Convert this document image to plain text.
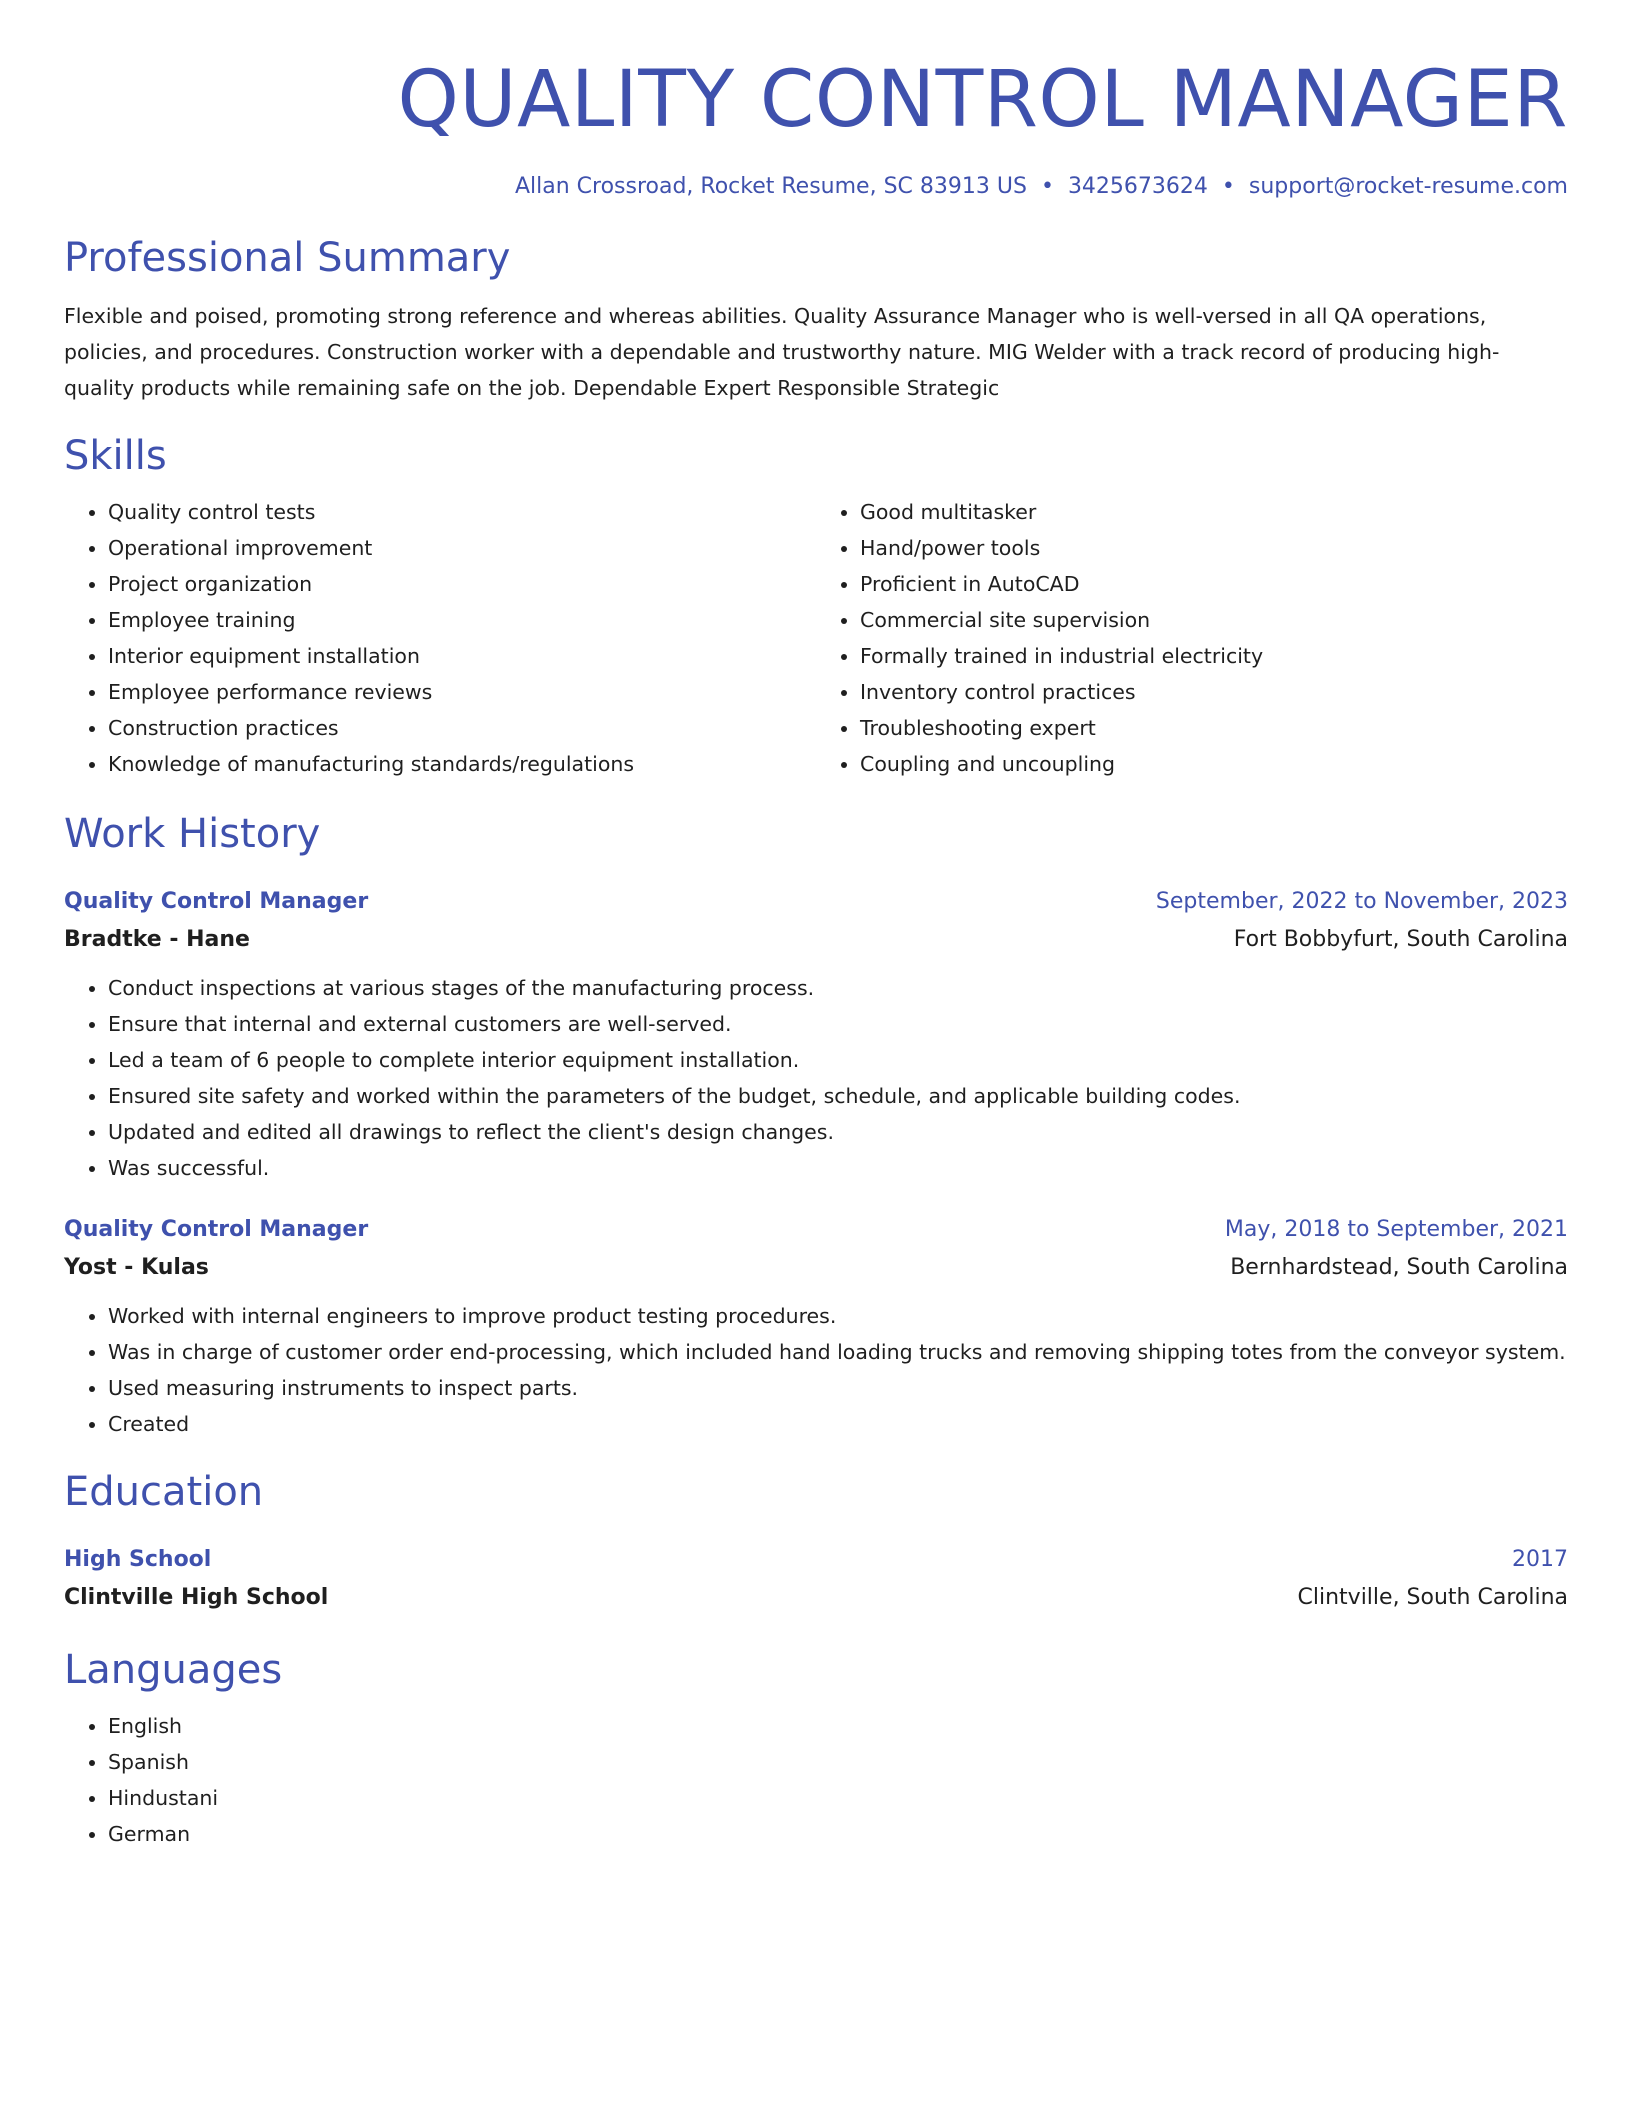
QUALITY CONTROL MANAGER
Allan Crossroad, Rocket Resume, SC 83913 US • 3425673624 • support@rocket-resume.com
Professional Summary

Flexible and poised, promoting strong reference and whereas abilities. Quality Assurance Manager who is well-versed in all QA operations, policies, and procedures. Construction worker with a dependable and trustworthy nature. MIG Welder with a track record of producing high-quality products while remaining safe on the job. Dependable Expert Responsible Strategic

Skills
• Quality control tests
• Operational improvement
• Project organization
• Employee training
• Interior equipment installation
• Employee performance reviews
• Construction practices
• Knowledge of manufacturing standards/regulations
• Good multitasker
• Hand/power tools
• Proficient in AutoCAD
• Commercial site supervision
• Formally trained in industrial electricity
• Inventory control practices
• Troubleshooting expert
• Coupling and uncoupling
Work History
Quality Control Manager	September, 2022 to November, 2023
Bradtke - Hane	Fort Bobbyfurt, South Carolina
• Conduct inspections at various stages of the manufacturing process.
• Ensure that internal and external customers are well-served.
• Led a team of 6 people to complete interior equipment installation.
• Ensured site safety and worked within the parameters of the budget, schedule, and applicable building codes.
• Updated and edited all drawings to reflect the client's design changes.
• Was successful.
Quality Control Manager	May, 2018 to September, 2021
Yost - Kulas	Bernhardstead, South Carolina
• Worked with internal engineers to improve product testing procedures.
• Was in charge of customer order end-processing, which included hand loading trucks and removing shipping totes from the conveyor system.
• Used measuring instruments to inspect parts.
• Created
Education
High School	2017
Clintville High School	Clintville, South Carolina
Languages
• English
• Spanish
• Hindustani
• German
